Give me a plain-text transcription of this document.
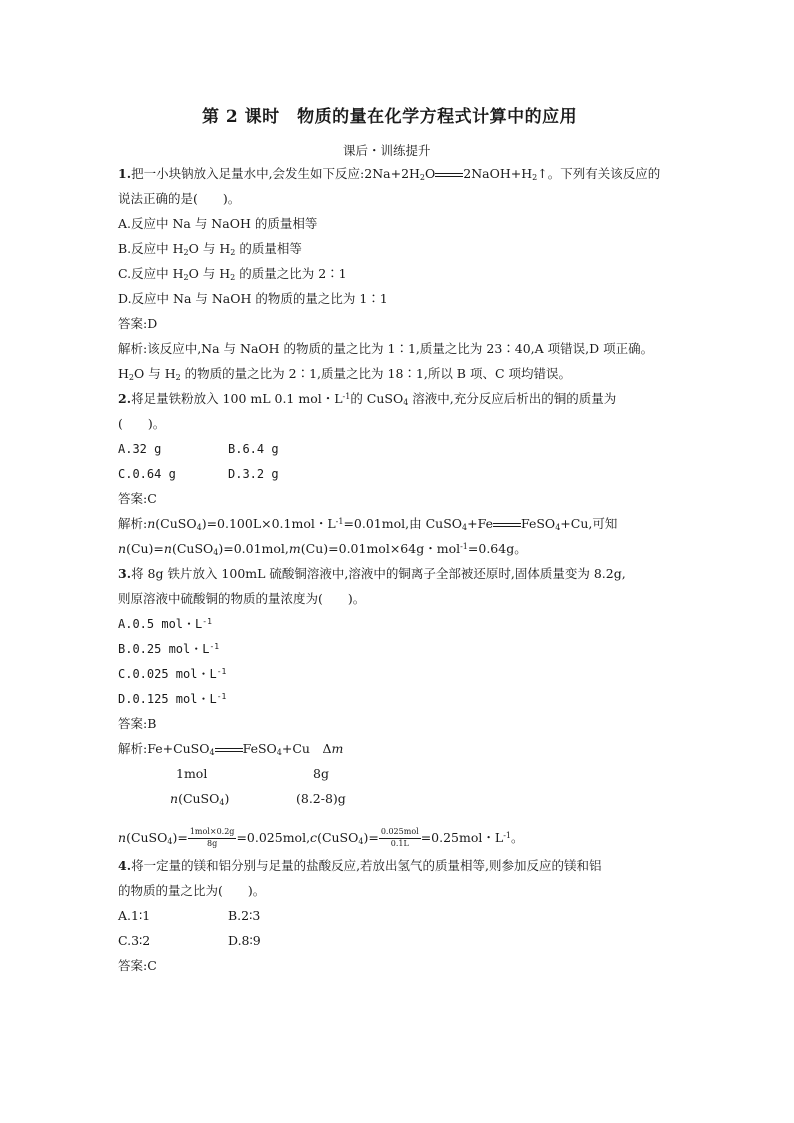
第 2 课时　物质的量在化学方程式计算中的应用
课后・训练提升
1.把一小块钠放入足量水中,会发生如下反应$:2Na+2H_2O$ $2NaOH+H_2↑$。下列有关该反应的
说法正确的是(　　)。
A.反应中 Na 与 NaOH 的质量相等
B.反应中 $H_2O$ 与 $H_2$ 的质量相等
C.反应中 $H_2O$ 与 $H_2$ 的质量之比为 2∶1
D.反应中 Na 与 NaOH 的物质的量之比为 1∶1
答案:D
解析:该反应中,Na 与 NaOH 的物质的量之比为 1∶1,质量之比为 23∶40,A 项错误,D 项正确。
$H_2O$ 与 $H_2$ 的物质的量之比为 2∶1,质量之比为 18∶1,所以 B 项、C 项均错误。
2.将足量铁粉放入 100 mL 0.1 mol・$L^{-1}$的 CuSO$_4$ 溶液中,充分反应后析出的铜的质量为
(　　)。
A.32 g	B.6.4 g
C.0.64 g	D.3.2 g
答案:C
解析:n(CuSO$_4$)=0.100L×0.1mol・$L^{-1}=0.01mol$,由 CuSO$_4$+Fe FeSO$_4$+Cu,可知
n(Cu)=n(CuSO$_4$)=0.01mol,m(Cu)=0.01mol×64g・mol$^{-1}$=0.64g。
3.将 8g 铁片放入 100mL 硫酸铜溶液中,溶液中的铜离子全部被还原时,固体质量变为 8.2g,
则原溶液中硫酸铜的物质的量浓度为(　　)。
A.0.5 mol・$L^{-1}$
B.0.25 mol・$L^{-1}$
C.0.025 mol・$L^{-1}$
D.0.125 mol・$L^{-1}$
答案:B
解析:Fe+CuSO$_4$ FeSO$_4$+Cu　Δm
1mol	8g
n(CuSO$_4$)	(8.2-8)g
n(CuSO$_4$)= $\frac{\text{1mol×0.2g}}{8g}$ =0.025mol,c(CuSO$_4$)= $\frac{\text{0.025mol}}{0.1L} =0.25mol$・$L^{-1}$。
4.将一定量的镁和铝分别与足量的盐酸反应,若放出氢气的质量相等,则参加反应的镁和铝
的物质的量之比为(　　)。
A.1∶1	B.2∶3
C.3∶2	D.8∶9
答案:C
